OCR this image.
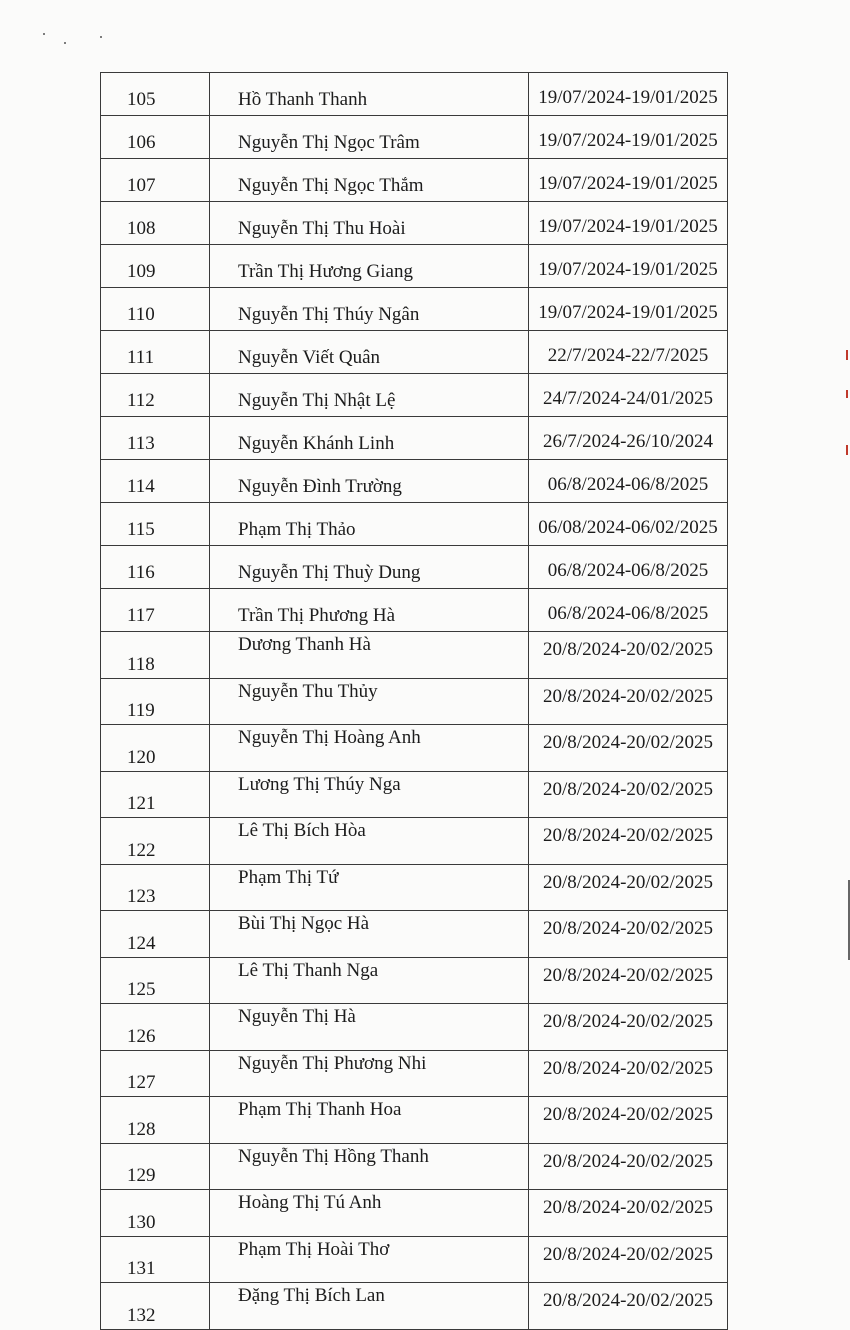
105	Hồ Thanh Thanh	19/07/2024-19/01/2025
106	Nguyễn Thị Ngọc Trâm	19/07/2024-19/01/2025
107	Nguyễn Thị Ngọc Thắm	19/07/2024-19/01/2025
108	Nguyễn Thị Thu Hoài	19/07/2024-19/01/2025
109	Trần Thị Hương Giang	19/07/2024-19/01/2025
110	Nguyễn Thị Thúy Ngân	19/07/2024-19/01/2025
111	Nguyễn Viết Quân	22/7/2024-22/7/2025
112	Nguyễn Thị Nhật Lệ	24/7/2024-24/01/2025
113	Nguyễn Khánh Linh	26/7/2024-26/10/2024
114	Nguyễn Đình Trường	06/8/2024-06/8/2025
115	Phạm Thị Thảo	06/08/2024-06/02/2025
116	Nguyễn Thị Thuỳ Dung	06/8/2024-06/8/2025
117	Trần Thị Phương Hà	06/8/2024-06/8/2025
118	Dương Thanh Hà	20/8/2024-20/02/2025
119	Nguyễn Thu Thủy	20/8/2024-20/02/2025
120	Nguyễn Thị Hoàng Anh	20/8/2024-20/02/2025
121	Lương Thị Thúy Nga	20/8/2024-20/02/2025
122	Lê Thị Bích Hòa	20/8/2024-20/02/2025
123	Phạm Thị Tứ	20/8/2024-20/02/2025
124	Bùi Thị Ngọc Hà	20/8/2024-20/02/2025
125	Lê Thị Thanh Nga	20/8/2024-20/02/2025
126	Nguyễn Thị Hà	20/8/2024-20/02/2025
127	Nguyễn Thị Phương Nhi	20/8/2024-20/02/2025
128	Phạm Thị Thanh Hoa	20/8/2024-20/02/2025
129	Nguyễn Thị Hồng Thanh	20/8/2024-20/02/2025
130	Hoàng Thị Tú Anh	20/8/2024-20/02/2025
131	Phạm Thị Hoài Thơ	20/8/2024-20/02/2025
132	Đặng Thị Bích Lan	20/8/2024-20/02/2025
